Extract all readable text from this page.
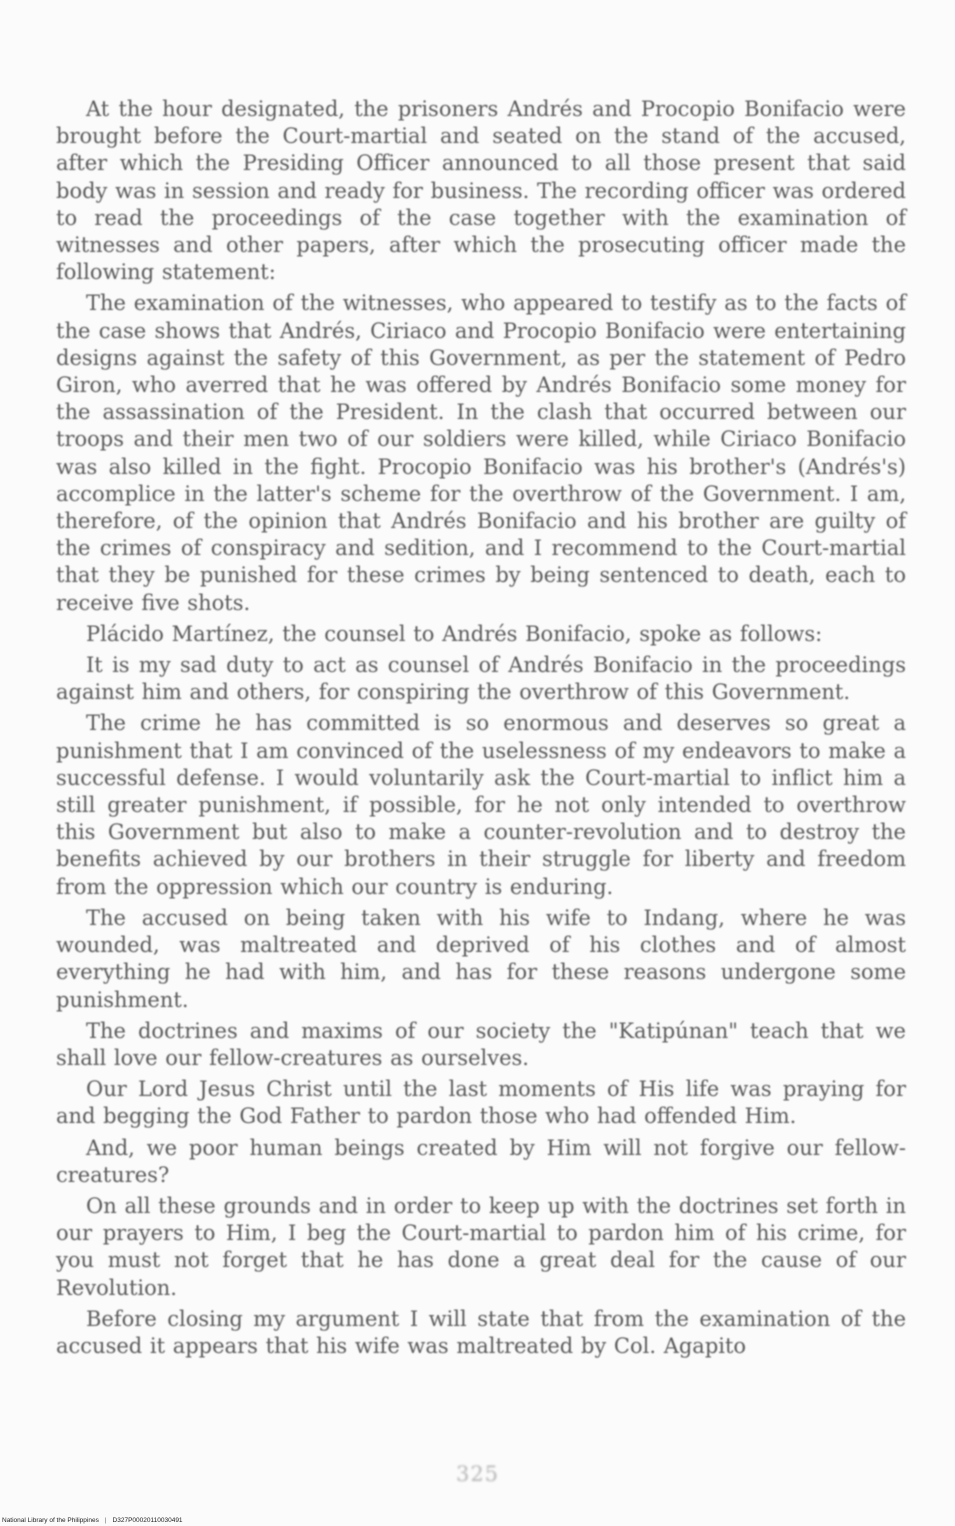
At the hour designated, the prisoners Andrés and Procopio Bonifacio were brought before the Court-martial and seated on the stand of the accused, after which the Presiding Officer announced to all those present that said body was in session and ready for business. The recording officer was ordered to read the proceedings of the case together with the examination of witnesses and other papers, after which the prosecuting officer made the following statement:

The examination of the witnesses, who appeared to testify as to the facts of the case shows that Andrés, Ciriaco and Procopio Bonifacio were entertaining designs against the safety of this Government, as per the statement of Pedro Giron, who averred that he was offered by Andrés Bonifacio some money for the assassination of the President. In the clash that occurred between our troops and their men two of our soldiers were killed, while Ciriaco Bonifacio was also killed in the fight. Procopio Bonifacio was his brother's (Andrés's) accomplice in the latter's scheme for the overthrow of the Government. I am, therefore, of the opinion that Andrés Bonifacio and his brother are guilty of the crimes of conspiracy and sedition, and I recommend to the Court-martial that they be punished for these crimes by being sentenced to death, each to receive five shots.

Plácido Martínez, the counsel to Andrés Bonifacio, spoke as follows:

It is my sad duty to act as counsel of Andrés Bonifacio in the proceedings against him and others, for conspiring the overthrow of this Government.

The crime he has committed is so enormous and deserves so great a punishment that I am convinced of the uselessness of my endeavors to make a successful defense. I would voluntarily ask the Court-martial to inflict him a still greater punishment, if possible, for he not only intended to overthrow this Government but also to make a counter-revolution and to destroy the benefits achieved by our brothers in their struggle for liberty and freedom from the oppression which our country is enduring.

The accused on being taken with his wife to Indang, where he was wounded, was maltreated and deprived of his clothes and of almost everything he had with him, and has for these reasons undergone some punishment.

The doctrines and maxims of our society the "Katipúnan" teach that we shall love our fellow-creatures as ourselves.

Our Lord Jesus Christ until the last moments of His life was praying for and begging the God Father to pardon those who had offended Him.

And, we poor human beings created by Him will not forgive our fellow-creatures?

On all these grounds and in order to keep up with the doctrines set forth in our prayers to Him, I beg the Court-martial to pardon him of his crime, for you must not forget that he has done a great deal for the cause of our Revolution.

Before closing my argument I will state that from the examination of the accused it appears that his wife was maltreated by Col. Agapito

325
National Library of the Philippines | D327P00020110030491
